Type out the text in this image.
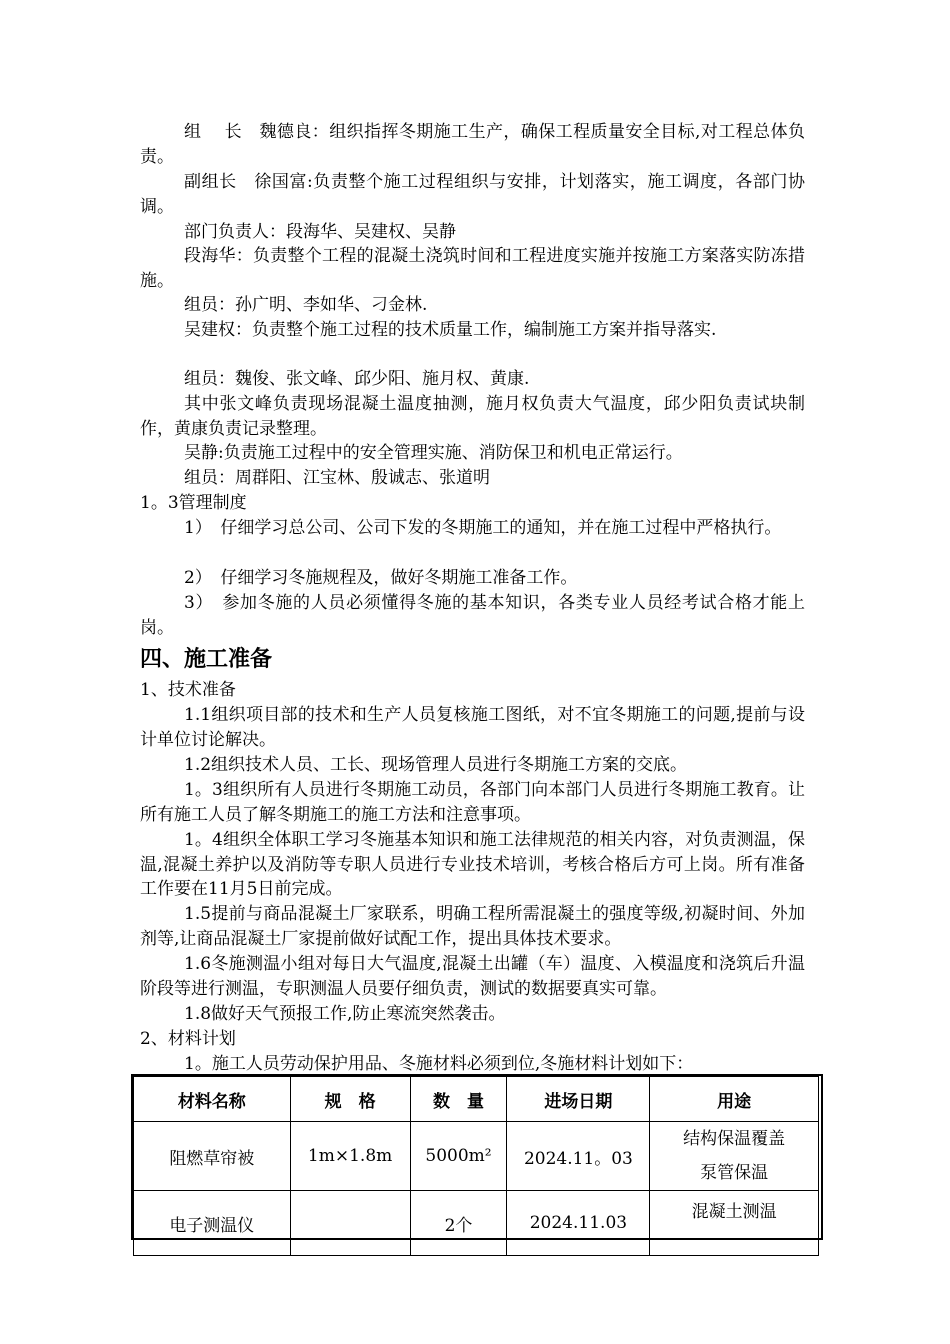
组　 长　魏德良：组织指挥冬期施工生产，确保工程质量安全目标,对工程总体负责。

副组长　徐国富:负责整个施工过程组织与安排，计划落实，施工调度，各部门协调。

部门负责人：段海华、吴建权、吴静

段海华：负责整个工程的混凝土浇筑时间和工程进度实施并按施工方案落实防冻措施。

组员：孙广明、李如华、刁金林.

吴建权：负责整个施工过程的技术质量工作，编制施工方案并指导落实.

组员：魏俊、张文峰、邱少阳、施月权、黄康.

其中张文峰负责现场混凝土温度抽测，施月权负责大气温度，邱少阳负责试块制作，黄康负责记录整理。

吴静:负责施工过程中的安全管理实施、消防保卫和机电正常运行。

组员：周群阳、江宝林、殷诚志、张道明

1。3管理制度

1）　仔细学习总公司、公司下发的冬期施工的通知，并在施工过程中严格执行。

2）　仔细学习冬施规程及，做好冬期施工准备工作。

3）　参加冬施的人员必须懂得冬施的基本知识，各类专业人员经考试合格才能上岗。

四、施工准备

1、技术准备

1.1组织项目部的技术和生产人员复核施工图纸，对不宜冬期施工的问题,提前与设计单位讨论解决。

1.2组织技术人员、工长、现场管理人员进行冬期施工方案的交底。

1。3组织所有人员进行冬期施工动员，各部门向本部门人员进行冬期施工教育。让所有施工人员了解冬期施工的施工方法和注意事项。

1。4组织全体职工学习冬施基本知识和施工法律规范的相关内容，对负责测温，保温,混凝土养护以及消防等专职人员进行专业技术培训，考核合格后方可上岗。所有准备工作要在11月5日前完成。

1.5提前与商品混凝土厂家联系，明确工程所需混凝土的强度等级,初凝时间、外加剂等,让商品混凝土厂家提前做好试配工作，提出具体技术要求。

1.6冬施测温小组对每日大气温度,混凝土出罐（车）温度、入模温度和浇筑后升温阶段等进行测温，专职测温人员要仔细负责，测试的数据要真实可靠。

1.8做好天气预报工作,防止寒流突然袭击。

2、材料计划

1。施工人员劳动保护用品、冬施材料必须到位,冬施材料计划如下：

材料名称	规　格	数　量	进场日期	用途
阻燃草帘被	1m×1.8m	5000m²	2024.11。03	结构保温覆盖
泵管保温

电子测温仪		2个	2024.11.03	混凝土测温
